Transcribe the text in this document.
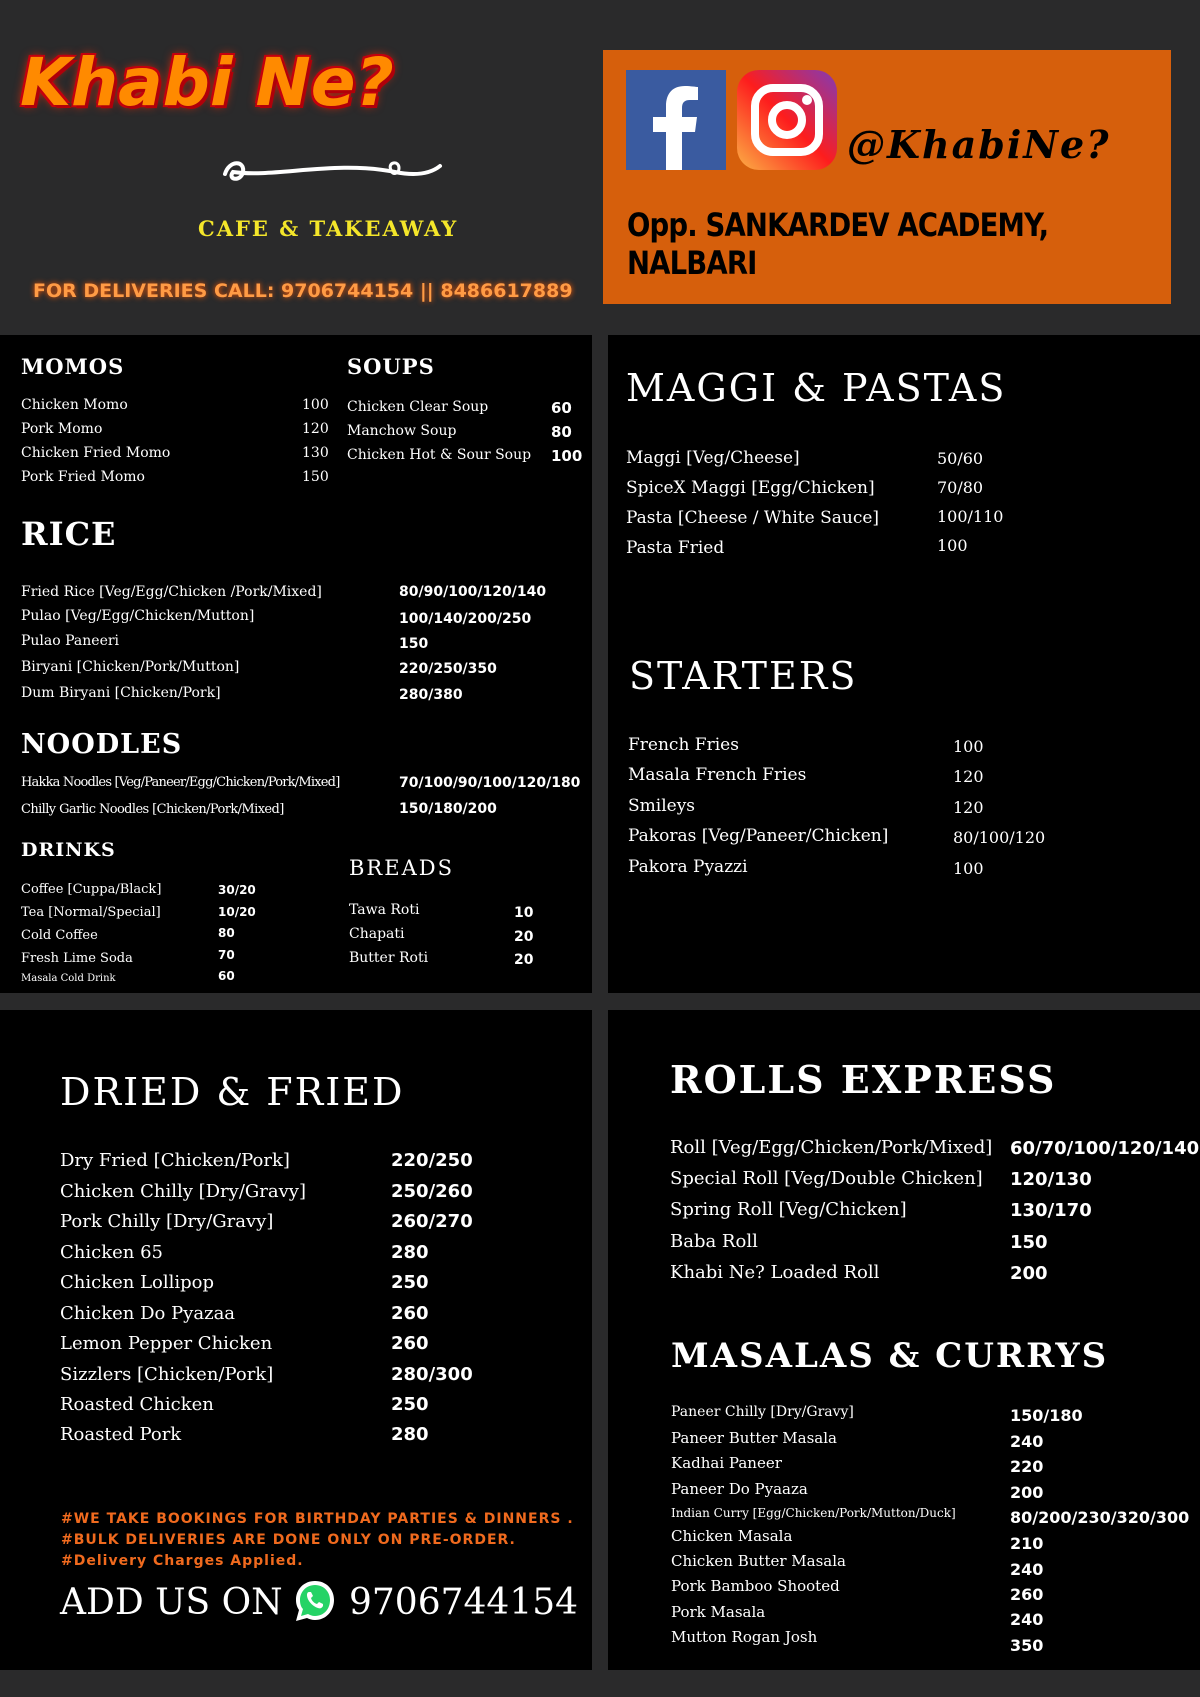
Khabi Ne?
CAFE & TAKEAWAY
FOR DELIVERIES CALL: 9706744154 || 8486617889
@KhabiNe?
Opp. SANKARDEV ACADEMY, NALBARI
MOMOS
Chicken Momo	100
Pork Momo	120
Chicken Fried Momo	130
Pork Fried Momo	150
SOUPS
Chicken Clear Soup	60
Manchow Soup	80
Chicken Hot & Sour Soup 100
RICE
Fried Rice [Veg/Egg/Chicken /Pork/Mixed]	80/90/100/120/140
Pulao [Veg/Egg/Chicken/Mutton]	100/140/200/250
Pulao Paneeri	150
Biryani [Chicken/Pork/Mutton]	220/250/350
Dum Biryani [Chicken/Pork]	280/380
NOODLES
Hakka Noodles [Veg/Paneer/Egg/Chicken/Pork/Mixed]	70/100/90/100/120/180
Chilly Garlic Noodles [Chicken/Pork/Mixed]	150/180/200
DRINKS
Coffee [Cuppa/Black]	30/20
Tea [Normal/Special]	10/20
Cold Coffee	80
Fresh Lime Soda	70
Masala Cold Drink	60
BREADS
Tawa Roti	10
Chapati	20
Butter Roti	20
MAGGI & PASTAS
Maggi [Veg/Cheese]	50/60
SpiceX Maggi [Egg/Chicken]	70/80
Pasta [Cheese / White Sauce]	100/110
Pasta Fried	100
STARTERS
French Fries	100
Masala French Fries	120
Smileys	120
Pakoras [Veg/Paneer/Chicken]	80/100/120
Pakora Pyazzi	100
DRIED & FRIED
Dry Fried [Chicken/Pork]	220/250
Chicken Chilly [Dry/Gravy]	250/260
Pork Chilly [Dry/Gravy]	260/270
Chicken 65	280
Chicken Lollipop	250
Chicken Do Pyazaa	260
Lemon Pepper Chicken	260
Sizzlers [Chicken/Pork]	280/300
Roasted Chicken	250
Roasted Pork	280
#WE TAKE BOOKINGS FOR BIRTHDAY PARTIES & DINNERS .
#BULK DELIVERIES ARE DONE ONLY ON PRE-ORDER.
#Delivery Charges Applied.
ADD US ON 9706744154
ROLLS EXPRESS
Roll [Veg/Egg/Chicken/Pork/Mixed] 60/70/100/120/140
Special Roll [Veg/Double Chicken] 120/130
Spring Roll [Veg/Chicken]	130/170
Baba Roll	150
Khabi Ne? Loaded Roll	200
MASALAS & CURRYS
Paneer Chilly [Dry/Gravy]	150/180
Paneer Butter Masala	240
Kadhai Paneer	220
Paneer Do Pyaaza	200
Indian Curry [Egg/Chicken/Pork/Mutton/Duck]	80/200/230/320/300
Chicken Masala	210
Chicken Butter Masala	240
Pork Bamboo Shooted	260
Pork Masala	240
Mutton Rogan Josh	350
